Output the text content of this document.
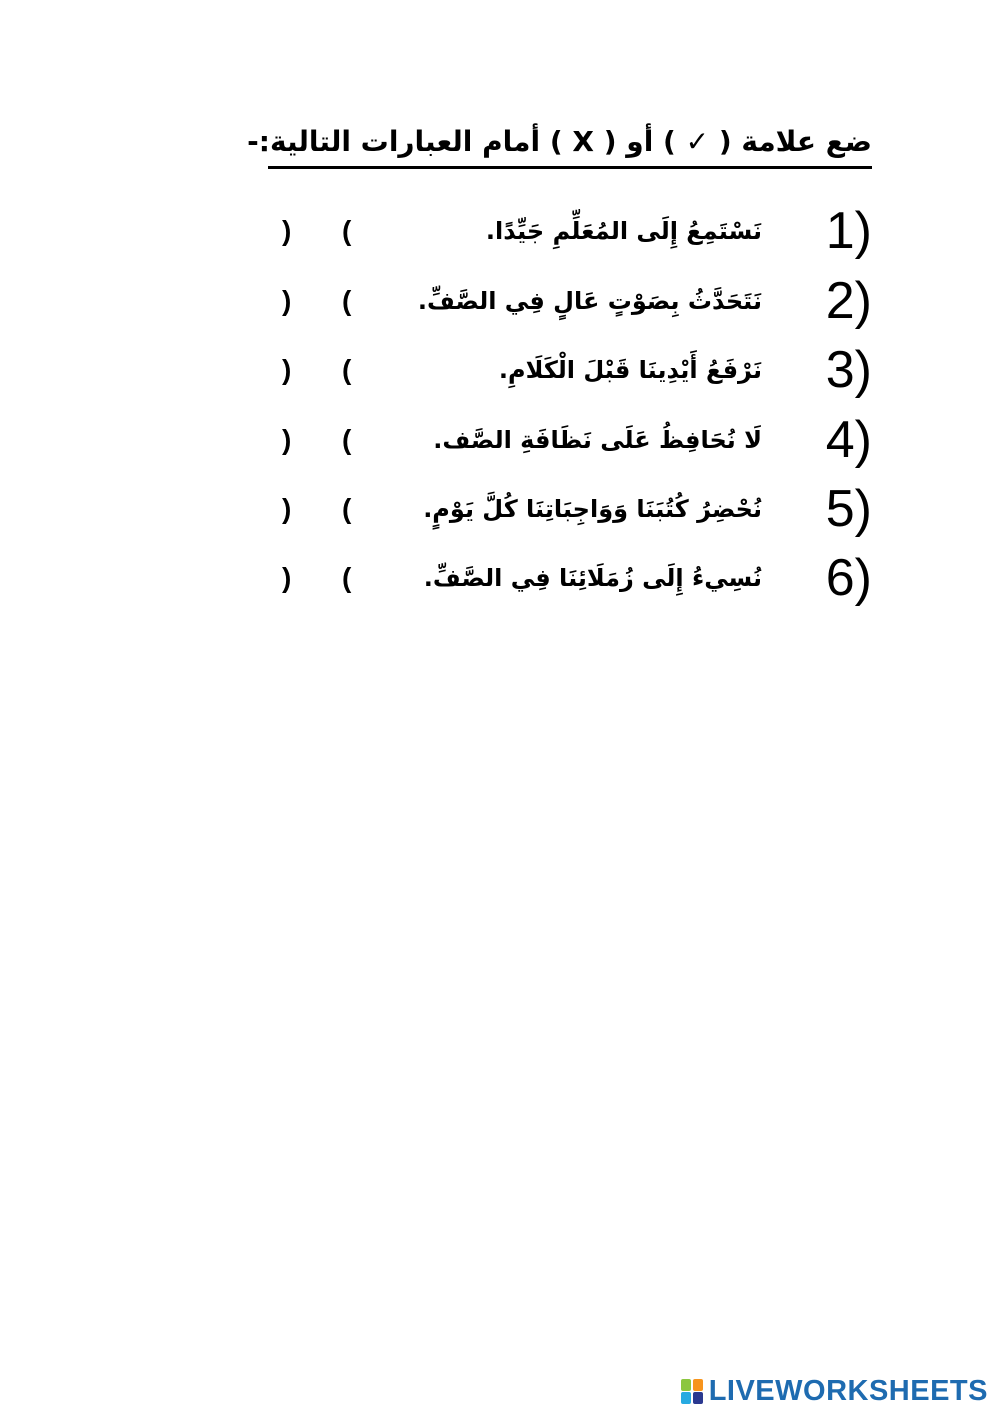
ضع علامة ( ✓ ) أو ( X ) أمام العبارات التالية:-
1)
نَسْتَمِعُ إِلَى المُعَلِّمِ جَيِّدًا.
(
)
2)
نَتَحَدَّثُ بِصَوْتٍ عَالٍ فِي الصَّفِّ.
(
)
3)
نَرْفَعُ أَيْدِينَا قَبْلَ الْكَلَامِ.
(
)
4)
لَا نُحَافِظُ عَلَى نَظَافَةِ الصَّف.
(
)
5)
نُحْضِرُ كُتُبَنَا وَوَاجِبَاتِنَا كُلَّ يَوْمٍ.
(
)
6)
نُسِيءُ إِلَى زُمَلَائِنَا فِي الصَّفِّ.
(
)
LIVEWORKSHEETS
